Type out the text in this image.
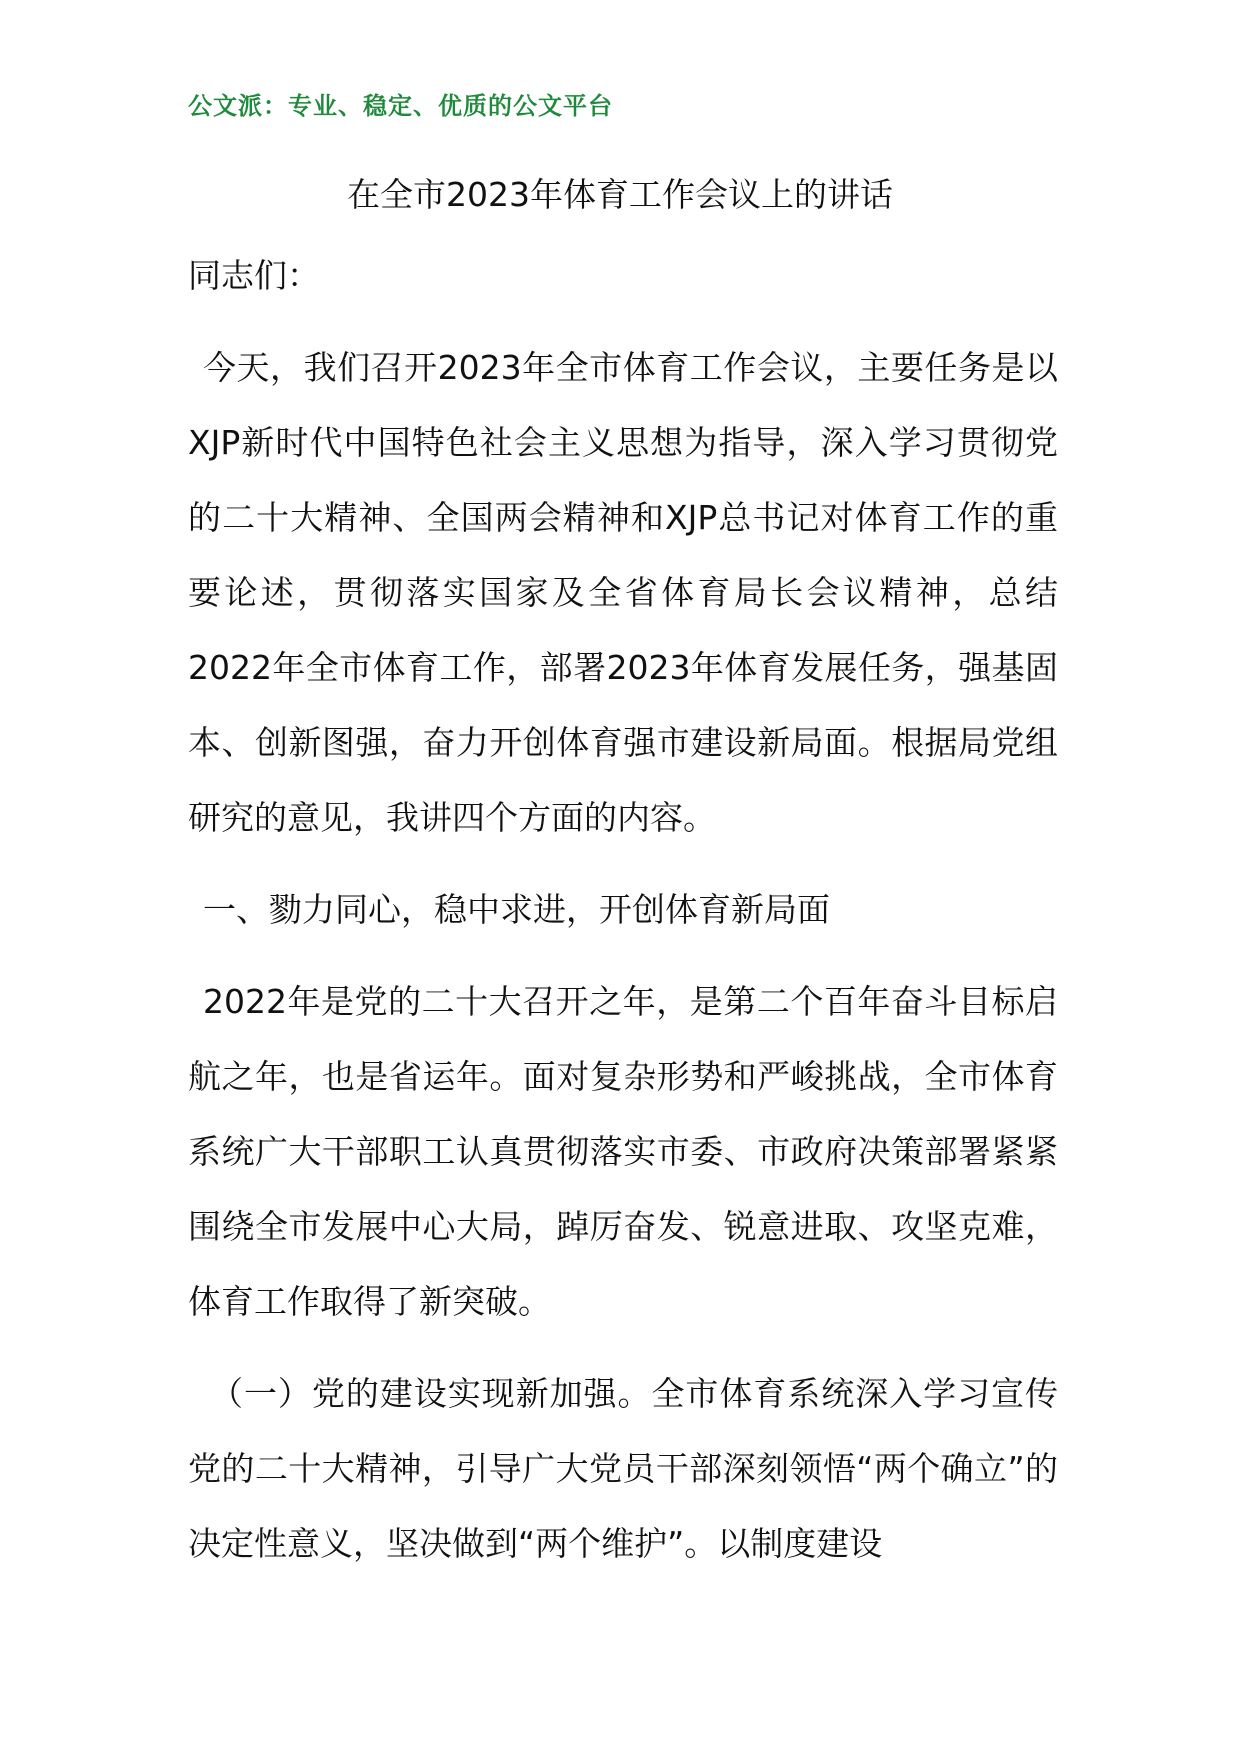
公文派：专业、稳定、优质的公文平台
在全市2023年体育工作会议上的讲话

同志们：

今天，我们召开2023年全市体育工作会议，主要任务是以XJP新时代中国特色社会主义思想为指导，深入学习贯彻党的二十大精神、全国两会精神和XJP总书记对体育工作的重要论述，贯彻落实国家及全省体育局长会议精神，总结2022年全市体育工作，部署2023年体育发展任务，强基固本、创新图强，奋力开创体育强市建设新局面。根据局党组研究的意见，我讲四个方面的内容。

一、勠力同心，稳中求进，开创体育新局面

2022年是党的二十大召开之年，是第二个百年奋斗目标启航之年，也是省运年。面对复杂形势和严峻挑战，全市体育系统广大干部职工认真贯彻落实市委、市政府决策部署紧紧围绕全市发展中心大局，踔厉奋发、锐意进取、攻坚克难，体育工作取得了新突破。

（一）党的建设实现新加强。全市体育系统深入学习宣传党的二十大精神，引导广大党员干部深刻领悟“两个确立”的决定性意义，坚决做到“两个维护”。以制度建设
